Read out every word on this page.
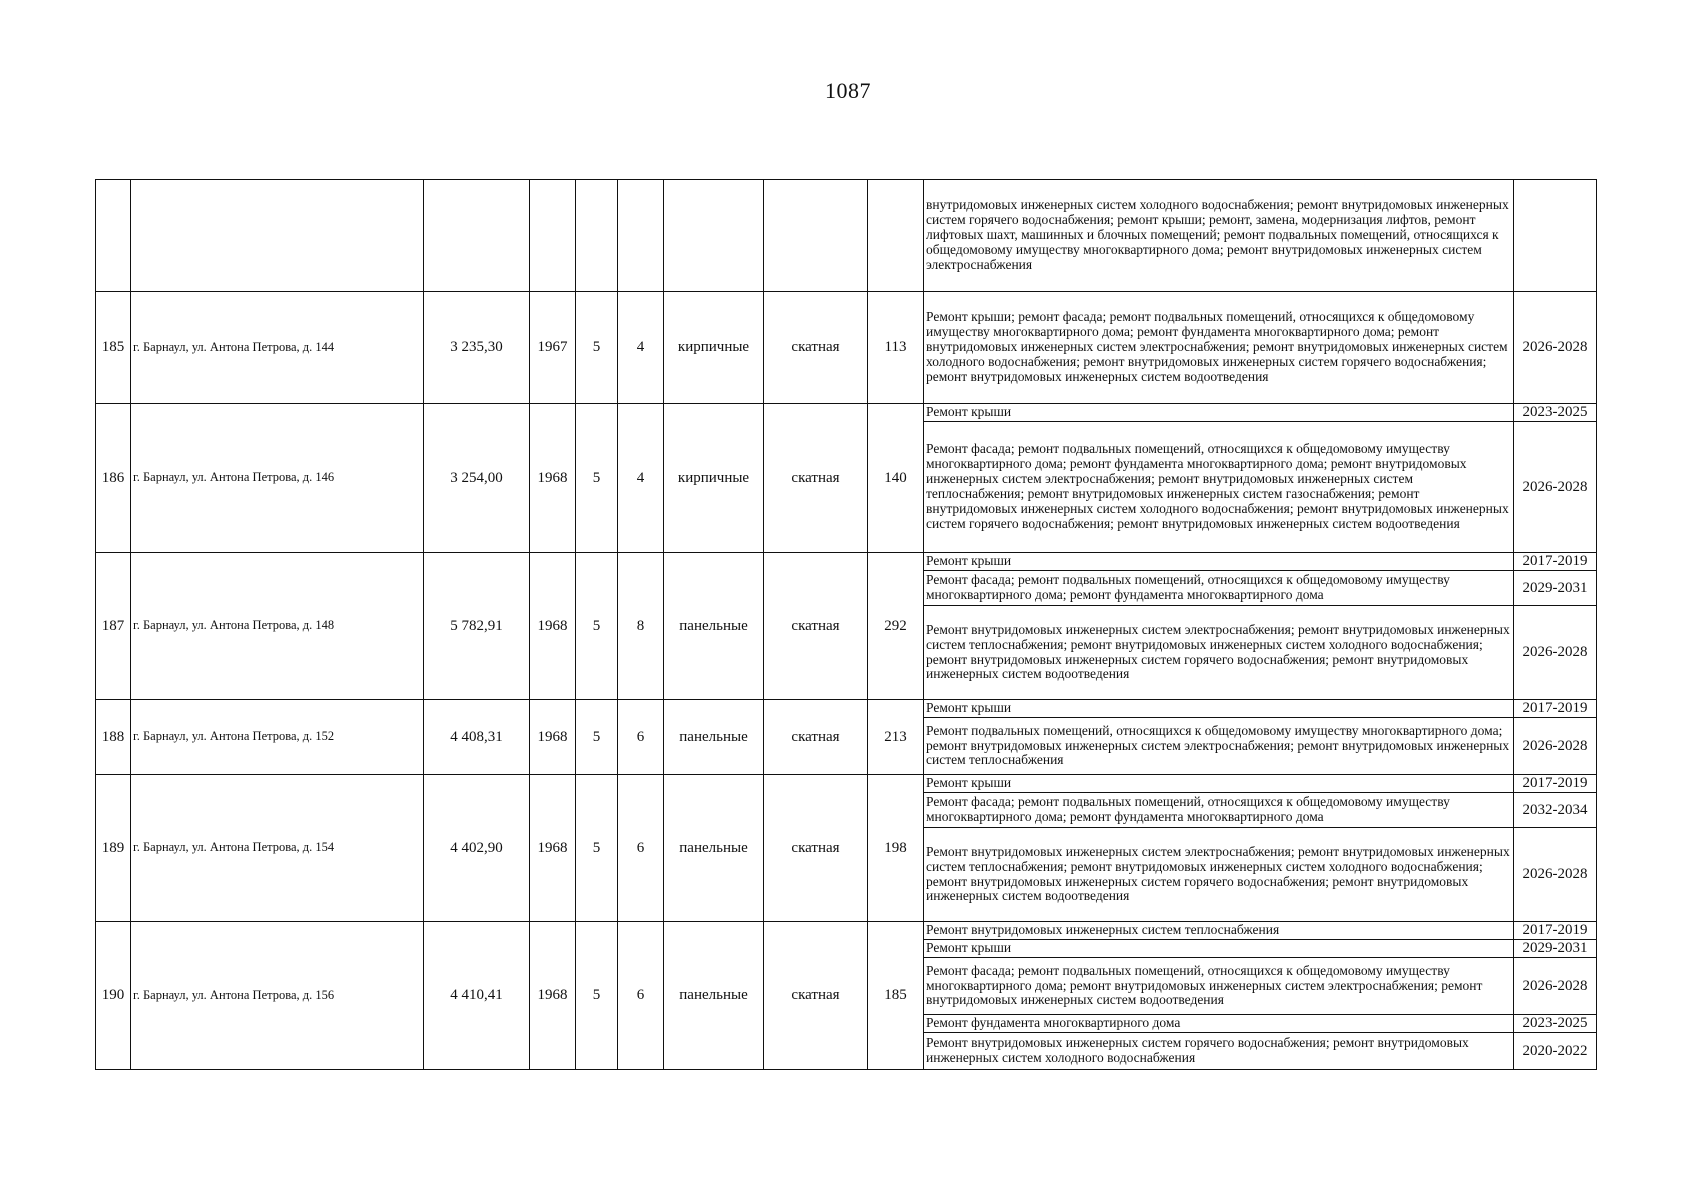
1087
									внутридомовых инженерных систем холодного водоснабжения; ремонт внутридомовых инженерных систем горячего водоснабжения; ремонт крыши; ремонт, замена, модернизация лифтов, ремонт лифтовых шахт, машинных и блочных помещений; ремонт подвальных помещений, относящихся к общедомовому имуществу многоквартирного дома; ремонт внутридомовых инженерных систем электроснабжения	
185	г. Барнаул, ул. Антона Петрова, д. 144	3 235,30	1967	5	4	кирпичные	скатная	113	Ремонт крыши; ремонт фасада; ремонт подвальных помещений, относящихся к общедомовому имуществу многоквартирного дома; ремонт фундамента многоквартирного дома; ремонт внутридомовых инженерных систем электроснабжения; ремонт внутридомовых инженерных систем холодного водоснабжения; ремонт внутридомовых инженерных систем горячего водоснабжения; ремонт внутридомовых инженерных систем водоотведения	2026-2028
186	г. Барнаул, ул. Антона Петрова, д. 146	3 254,00	1968	5	4	кирпичные	скатная	140	Ремонт крыши	2023-2025
									Ремонт фасада; ремонт подвальных помещений, относящихся к общедомовому имуществу многоквартирного дома; ремонт фундамента многоквартирного дома; ремонт внутридомовых инженерных систем электроснабжения; ремонт внутридомовых инженерных систем теплоснабжения; ремонт внутридомовых инженерных систем газоснабжения; ремонт внутридомовых инженерных систем холодного водоснабжения; ремонт внутридомовых инженерных систем горячего водоснабжения; ремонт внутридомовых инженерных систем водоотведения	2026-2028
187	г. Барнаул, ул. Антона Петрова, д. 148	5 782,91	1968	5	8	панельные	скатная	292	Ремонт крыши	2017-2019
									Ремонт фасада; ремонт подвальных помещений, относящихся к общедомовому имуществу многоквартирного дома; ремонт фундамента многоквартирного дома	2029-2031
									Ремонт внутридомовых инженерных систем электроснабжения; ремонт внутридомовых инженерных систем теплоснабжения; ремонт внутридомовых инженерных систем холодного водоснабжения; ремонт внутридомовых инженерных систем горячего водоснабжения; ремонт внутридомовых инженерных систем водоотведения	2026-2028
188	г. Барнаул, ул. Антона Петрова, д. 152	4 408,31	1968	5	6	панельные	скатная	213	Ремонт крыши	2017-2019
									Ремонт подвальных помещений, относящихся к общедомовому имуществу многоквартирного дома; ремонт внутридомовых инженерных систем электроснабжения; ремонт внутридомовых инженерных систем теплоснабжения	2026-2028
189	г. Барнаул, ул. Антона Петрова, д. 154	4 402,90	1968	5	6	панельные	скатная	198	Ремонт крыши	2017-2019
									Ремонт фасада; ремонт подвальных помещений, относящихся к общедомовому имуществу многоквартирного дома; ремонт фундамента многоквартирного дома	2032-2034
									Ремонт внутридомовых инженерных систем электроснабжения; ремонт внутридомовых инженерных систем теплоснабжения; ремонт внутридомовых инженерных систем холодного водоснабжения; ремонт внутридомовых инженерных систем горячего водоснабжения; ремонт внутридомовых инженерных систем водоотведения	2026-2028
190	г. Барнаул, ул. Антона Петрова, д. 156	4 410,41	1968	5	6	панельные	скатная	185	Ремонт внутридомовых инженерных систем теплоснабжения	2017-2019
									Ремонт крыши	2029-2031
									Ремонт фасада; ремонт подвальных помещений, относящихся к общедомовому имуществу многоквартирного дома; ремонт внутридомовых инженерных систем электроснабжения; ремонт внутридомовых инженерных систем водоотведения	2026-2028
									Ремонт фундамента многоквартирного дома	2023-2025
									Ремонт внутридомовых инженерных систем горячего водоснабжения; ремонт внутридомовых инженерных систем холодного водоснабжения	2020-2022
